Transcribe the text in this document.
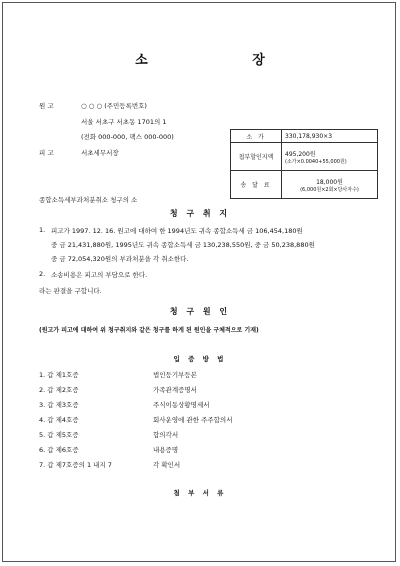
소 장
원 고	○ ○ ○ (주민등록번호)
서울 서초구 서초동 1701의 1
(전화 000-000, 팩스 000-000)
피 고	서초세무서장
소 가	330,178,930×3
첩부할인지액	495,200원
(소가×0.0040+55,000원)

송 달 료	18,000원
(6,000원×2회×당사자수)
종합소득세부과처분취소 청구의 소
청 구 취 지
1. 피고가 1997. 12. 16. 원고에 대하여 한 1994년도 귀속 종합소득세 금 106,454,180원
중 금 21,431,880원, 1995년도 귀속 종합소득세 금 130,238,550원, 중 금 50,238,880원
중 금 72,054,320원의 부과처분을 각 취소한다.
2. 소송비용은 피고의 부담으로 한다.
라는 판결을 구합니다.
청 구 원 인
(원고가 피고에 대하여 위 청구취지와 같은 청구를 하게 된 원인을 구체적으로 기재)
입 증 방 법
1. 갑 제1호증	법인등기부등본
2. 갑 제2호증	가족관계증명서
3. 갑 제3호증	주식이동상황명세서
4. 갑 제4호증	회사운영에 관한 주주합의서
5. 갑 제5호증	합의각서
6. 갑 제6호증	내용증명
7. 갑 제7호증의 1 내지 7	각 확인서
첨 부 서 류
